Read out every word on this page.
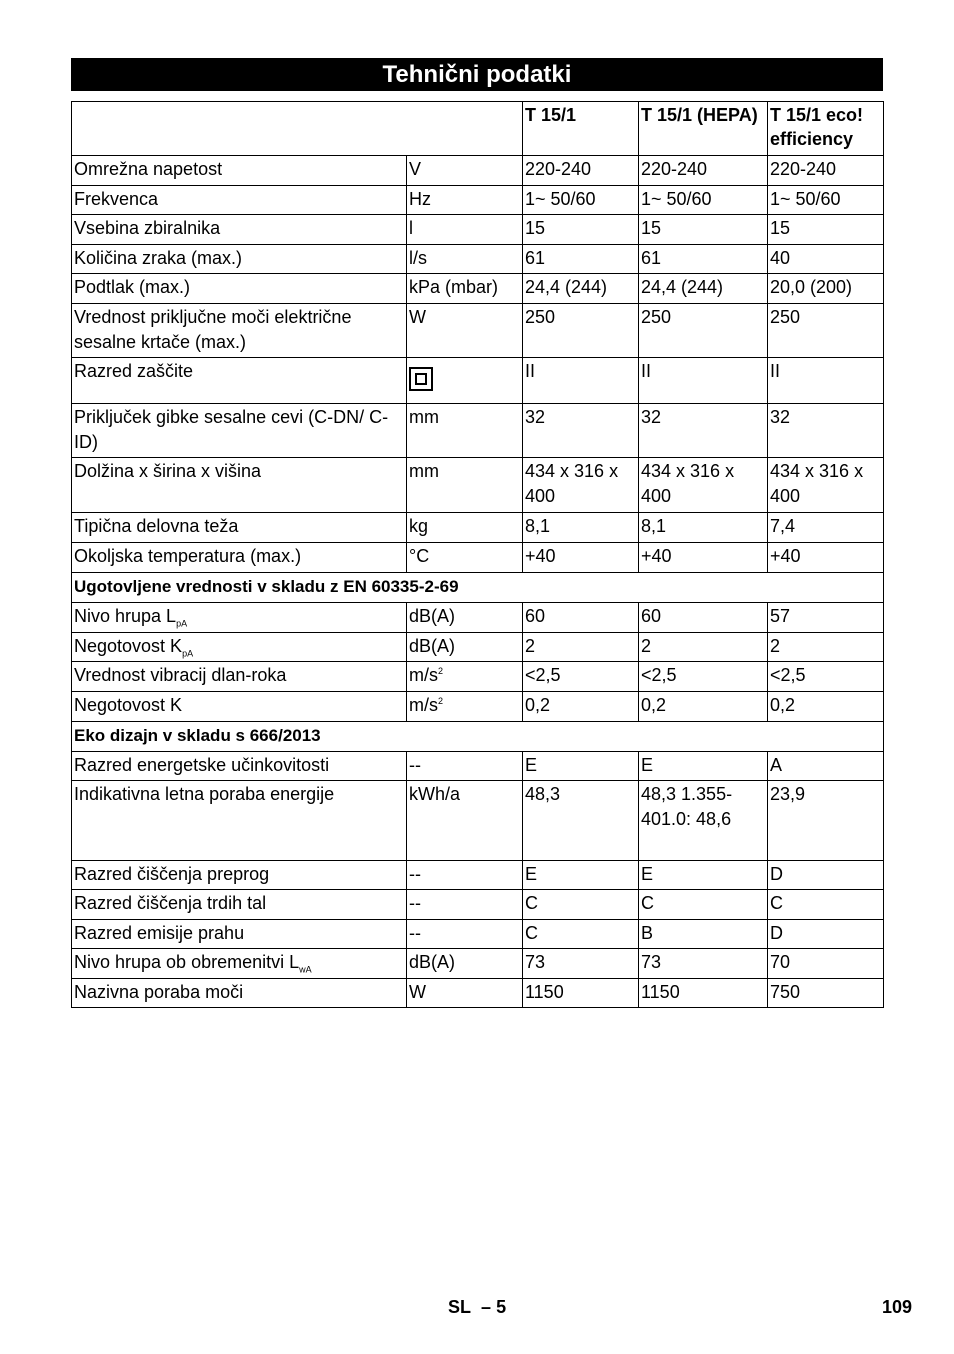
Tehnični podatki
		T 15/1	T 15/1 (HEPA)	T 15/1 eco! efficiency
Omrežna napetost	V	220-240	220-240	220-240
Frekvenca	Hz	1~ 50/60	1~ 50/60	1~ 50/60
Vsebina zbiralnika	l	15	15	15
Količina zraka (max.)	l/s	61	61	40
Podtlak (max.)	kPa (mbar)	24,4 (244)	24,4 (244)	20,0 (200)
Vrednost priključne moči električne sesalne krtače (max.)	W	250	250	250
Razred zaščite		II	II	II
Priključek gibke sesalne cevi (C-DN/ C-ID)	mm	32	32	32
Dolžina x širina x višina	mm	434 x 316 x 400	434 x 316 x 400	434 x 316 x 400
Tipična delovna teža	kg	8,1	8,1	7,4
Okoljska temperatura (max.)	°C	+40	+40	+40
Ugotovljene vrednosti v skladu z EN 60335-2-69				
Nivo hrupa $L_{pA}$	dB(A)	60	60	57
Negotovost $K_{pA}$	dB(A)	2	2	2
Vrednost vibracij dlan-roka	$m/s^2$	<2,5	<2,5	<2,5
Negotovost K	$m/s^2$	0,2	0,2	0,2
Eko dizajn v skladu s 666/2013				
Razred energetske učinkovitosti	--	E	E	A
Indikativna letna poraba energije	kWh/a	48,3	48,3 1.355-401.0: 48,6	23,9
Razred čiščenja preprog	--	E	E	D
Razred čiščenja trdih tal	--	C	C	C
Razred emisije prahu	--	C	B	D
Nivo hrupa ob obremenitvi $L_{wA}$	dB(A)	73	73	70
Nazivna poraba moči	W	1150	1150	750
SL – 5	109
